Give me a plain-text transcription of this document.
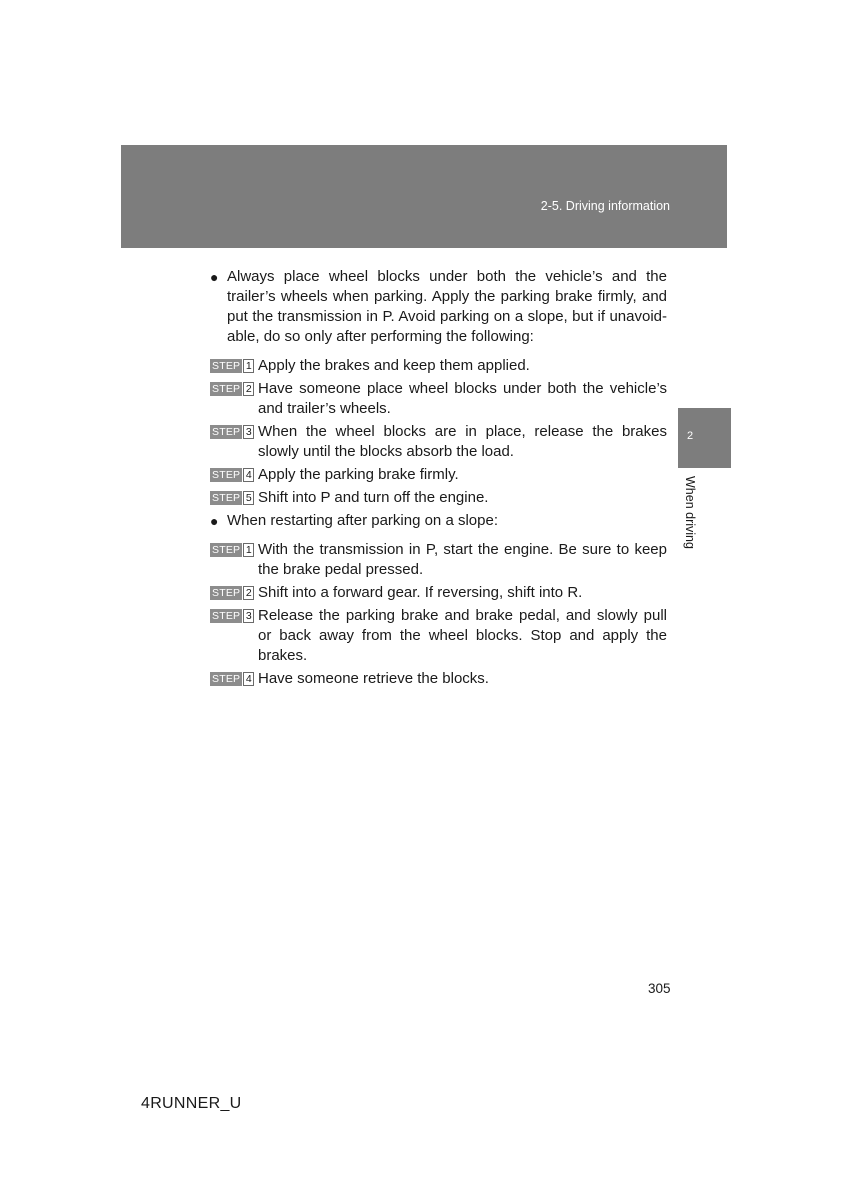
2-5. Driving information
2
When driving
● Always place wheel blocks under both the vehicle’s and the trailer’s wheels when parking. Apply the parking brake firmly, and put the transmission in P. Avoid parking on a slope, but if unavoid-able, do so only after performing the following:
STEP 1 Apply the brakes and keep them applied.
STEP 2 Have someone place wheel blocks under both the vehicle’s and trailer’s wheels.
STEP 3 When the wheel blocks are in place, release the brakes slowly until the blocks absorb the load.
STEP 4 Apply the parking brake firmly.
STEP 5 Shift into P and turn off the engine.
● When restarting after parking on a slope:
STEP 1 With the transmission in P, start the engine. Be sure to keep the brake pedal pressed.
STEP 2 Shift into a forward gear. If reversing, shift into R.
STEP 3 Release the parking brake and brake pedal, and slowly pull or back away from the wheel blocks. Stop and apply the brakes.
STEP 4 Have someone retrieve the blocks.
305
4RUNNER_U
